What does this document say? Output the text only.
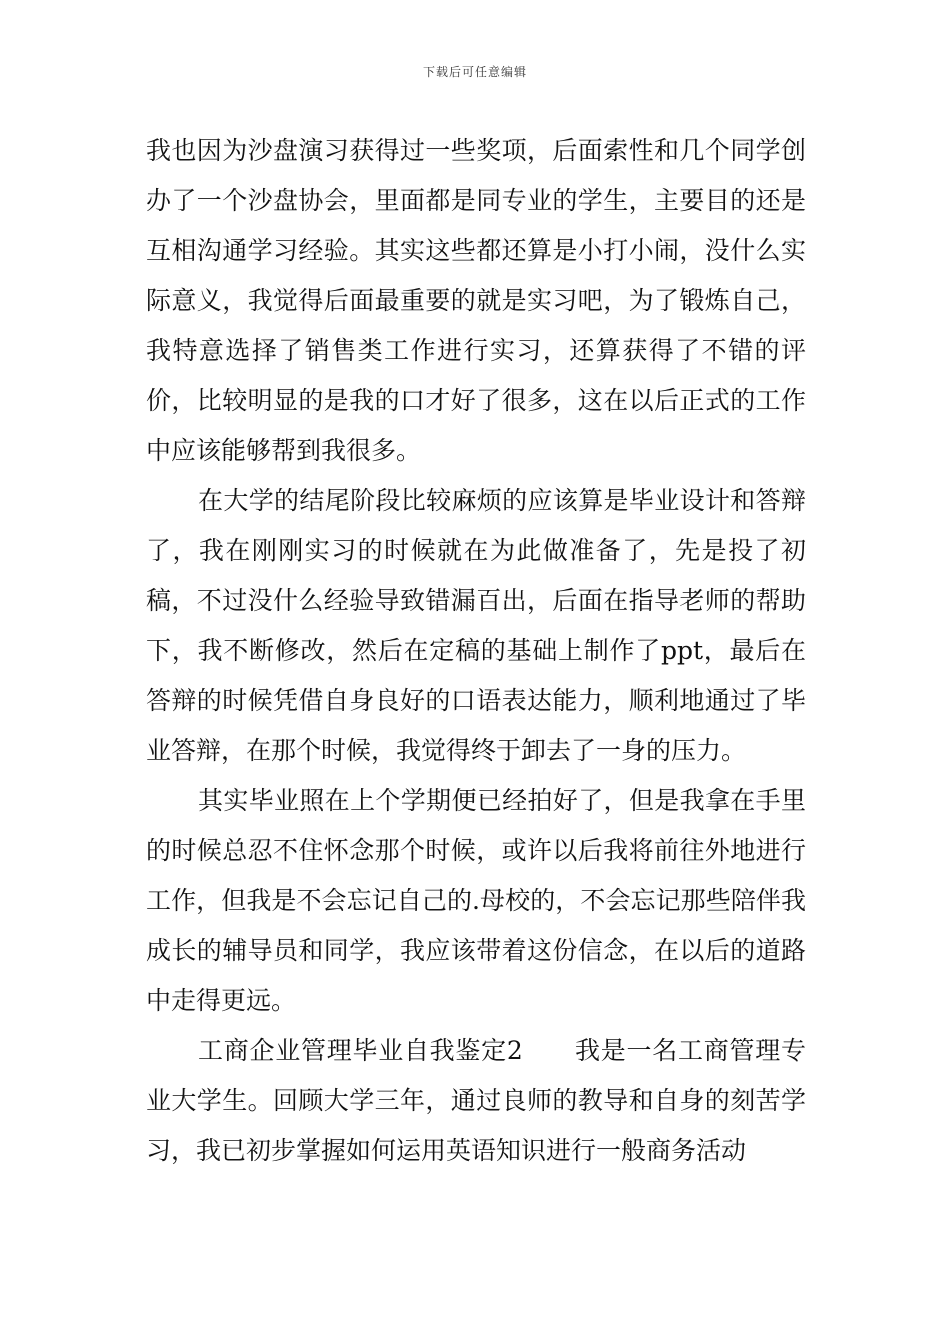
下载后可任意编辑

我也因为沙盘演习获得过一些奖项，后面索性和几个同学创办了一个沙盘协会，里面都是同专业的学生，主要目的还是互相沟通学习经验。其实这些都还算是小打小闹，没什么实际意义，我觉得后面最重要的就是实习吧，为了锻炼自己，我特意选择了销售类工作进行实习，还算获得了不错的评价，比较明显的是我的口才好了很多，这在以后正式的工作中应该能够帮到我很多。

在大学的结尾阶段比较麻烦的应该算是毕业设计和答辩了，我在刚刚实习的时候就在为此做准备了，先是投了初稿，不过没什么经验导致错漏百出，后面在指导老师的帮助下，我不断修改，然后在定稿的基础上制作了ppt，最后在答辩的时候凭借自身良好的口语表达能力，顺利地通过了毕业答辩，在那个时候，我觉得终于卸去了一身的压力。

其实毕业照在上个学期便已经拍好了，但是我拿在手里的时候总忍不住怀念那个时候，或许以后我将前往外地进行工作，但我是不会忘记自己的.母校的，不会忘记那些陪伴我成长的辅导员和同学，我应该带着这份信念，在以后的道路中走得更远。

工商企业管理毕业自我鉴定2　　我是一名工商管理专业大学生。回顾大学三年，通过良师的教导和自身的刻苦学习，我已初步掌握如何运用英语知识进行一般商务活动
